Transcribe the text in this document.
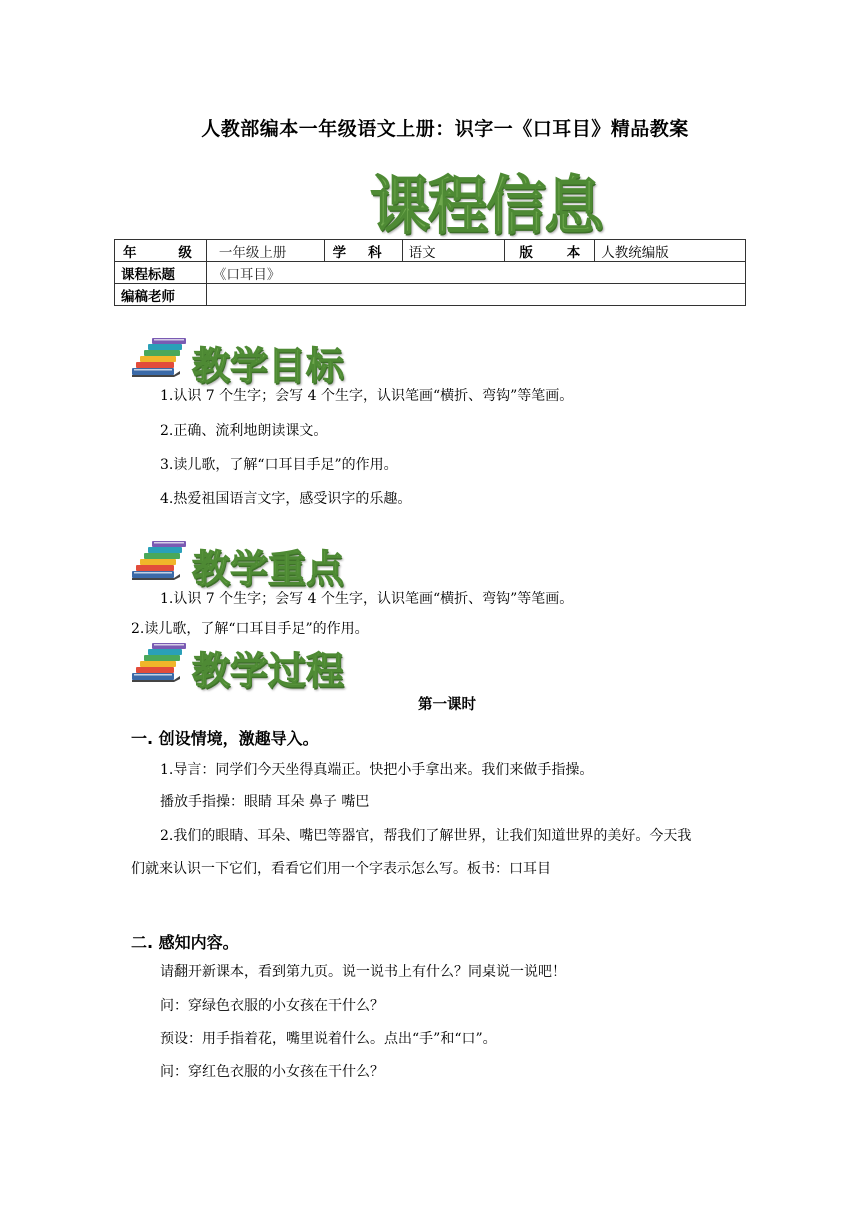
人教部编本一年级语文上册：识字一《口耳目》精品教案
课程信息
年 级	一年级上册	学 科	语文	版 本	人教统编版
课程标题	《口耳目》				
编稿老师					
教学目标
1.认识 7 个生字；会写 4 个生字，认识笔画“横折、弯钩”等笔画。
2.正确、流利地朗读课文。
3.读儿歌，了解“口耳目手足”的作用。
4.热爱祖国语言文字，感受识字的乐趣。
教学重点
1.认识 7 个生字；会写 4 个生字，认识笔画“横折、弯钩”等笔画。
2.读儿歌，了解“口耳目手足”的作用。
教学过程
第一课时
一. 创设情境，激趣导入。
1.导言：同学们今天坐得真端正。快把小手拿出来。我们来做手指操。
播放手指操：眼睛 耳朵 鼻子 嘴巴
2.我们的眼睛、耳朵、嘴巴等器官，帮我们了解世界，让我们知道世界的美好。今天我
们就来认识一下它们，看看它们用一个字表示怎么写。板书：口耳目
二. 感知内容。
请翻开新课本，看到第九页。说一说书上有什么？同桌说一说吧！
问：穿绿色衣服的小女孩在干什么？
预设：用手指着花，嘴里说着什么。点出“手”和“口”。
问：穿红色衣服的小女孩在干什么？
